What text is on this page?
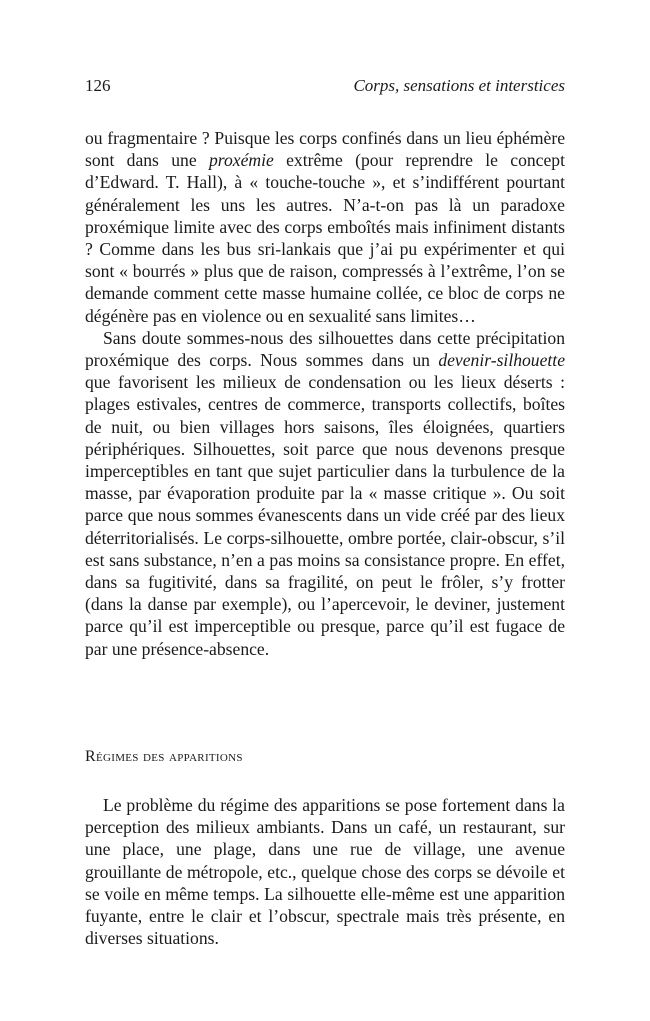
126	Corps, sensations et interstices

ou fragmentaire ? Puisque les corps confinés dans un lieu éphémère sont dans une proxémie extrême (pour reprendre le concept d’Edward. T. Hall), à « touche-touche », et s’indifférent pourtant généralement les uns les autres. N’a-t-on pas là un paradoxe proxémique limite avec des corps emboîtés mais infiniment distants ? Comme dans les bus sri-lankais que j’ai pu expérimenter et qui sont « bourrés » plus que de raison, compressés à l’extrême, l’on se demande comment cette masse humaine collée, ce bloc de corps ne dégénère pas en violence ou en sexualité sans limites…

Sans doute sommes-nous des silhouettes dans cette précipitation proxémique des corps. Nous sommes dans un devenir-silhouette que favorisent les milieux de condensation ou les lieux déserts : plages estivales, centres de commerce, transports collectifs, boîtes de nuit, ou bien villages hors saisons, îles éloignées, quartiers périphériques. Silhouettes, soit parce que nous devenons presque imperceptibles en tant que sujet particulier dans la turbulence de la masse, par évaporation produite par la « masse critique ». Ou soit parce que nous sommes évanescents dans un vide créé par des lieux déterritorialisés. Le corps-silhouette, ombre portée, clair-obscur, s’il est sans substance, n’en a pas moins sa consistance propre. En effet, dans sa fugitivité, dans sa fragilité, on peut le frôler, s’y frotter (dans la danse par exemple), ou l’apercevoir, le deviner, justement parce qu’il est imperceptible ou presque, parce qu’il est fugace de par une présence-absence.

Régimes des apparitions

Le problème du régime des apparitions se pose fortement dans la perception des milieux ambiants. Dans un café, un restaurant, sur une place, une plage, dans une rue de village, une avenue grouillante de métropole, etc., quelque chose des corps se dévoile et se voile en même temps. La silhouette elle-même est une apparition fuyante, entre le clair et l’obscur, spectrale mais très présente, en diverses situations.
